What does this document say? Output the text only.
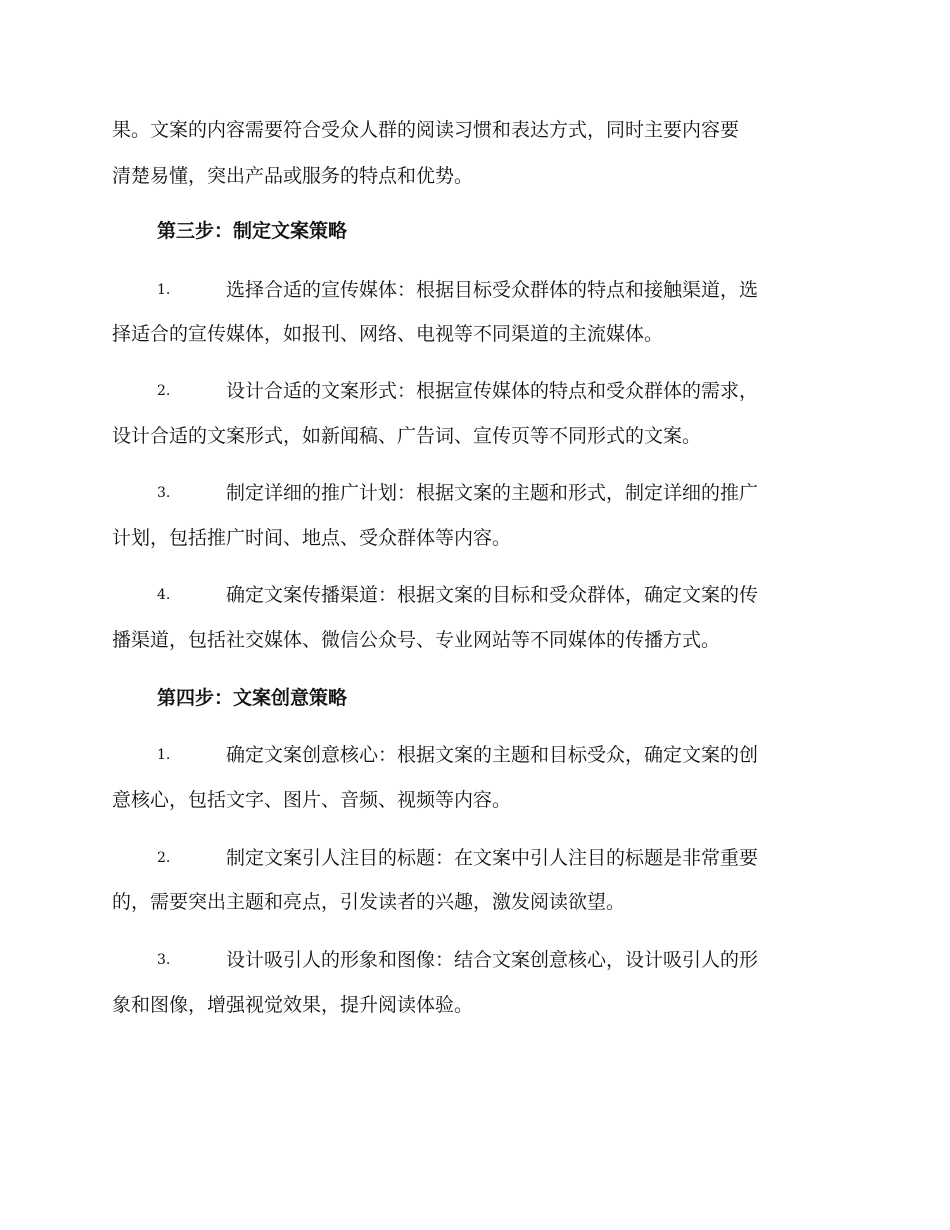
果。文案的内容需要符合受众人群的阅读习惯和表达方式，同时主要内容要
清楚易懂，突出产品或服务的特点和优势。
第三步：制定文案策略
1.	选择合适的宣传媒体：根据目标受众群体的特点和接触渠道，选
择适合的宣传媒体，如报刊、网络、电视等不同渠道的主流媒体。
2.	设计合适的文案形式：根据宣传媒体的特点和受众群体的需求，
设计合适的文案形式，如新闻稿、广告词、宣传页等不同形式的文案。
3.	制定详细的推广计划：根据文案的主题和形式，制定详细的推广
计划，包括推广时间、地点、受众群体等内容。
4.	确定文案传播渠道：根据文案的目标和受众群体，确定文案的传
播渠道，包括社交媒体、微信公众号、专业网站等不同媒体的传播方式。
第四步：文案创意策略
1.	确定文案创意核心：根据文案的主题和目标受众，确定文案的创
意核心，包括文字、图片、音频、视频等内容。
2.	制定文案引人注目的标题：在文案中引人注目的标题是非常重要
的，需要突出主题和亮点，引发读者的兴趣，激发阅读欲望。
3.	设计吸引人的形象和图像：结合文案创意核心，设计吸引人的形
象和图像，增强视觉效果，提升阅读体验。
